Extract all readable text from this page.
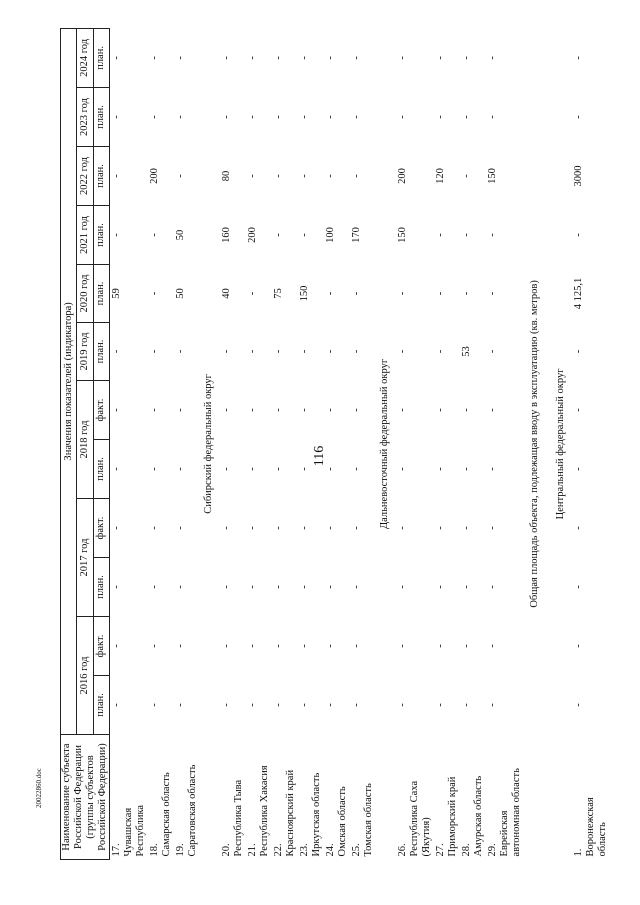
116
20022860.doc Наименование субъекта Российской Федерации (группы субъектов Российской Федерации)	Значения показателей (индикатора)											
	2016 год		2017 год		2018 год		2019 год	2020 год	2021 год	2022 год	2023 год	2024 год
	план.	факт.	план.	факт.	план.	факт.	план.	план.	план.	план.	план.	план.
17.Чувашская Республика	-	-	-	-	-	-	-	59	-	-	-	-
18.Самарская область	-	-	-	-	-	-	-	-	-	200	-	-
19.Саратовская область	-	-	-	-	-	-	-	50	50	-	-	-
Сибирский федеральный округ												
20.Республика Тыва	-	-	-	-	-	-	-	40	160	80	-	-
21.Республика Хакасия	-	-	-	-	-	-	-	-	200	-	-	-
22.Красноярский край	-	-	-	-	-	-	-	75	-	-	-	-
23.Иркутская область	-	-	-	-	-	-	-	150	-	-	-	-
24.Омская область	-	-	-	-	-	-	-	-	100	-	-	-
25.Томская область	-	-	-	-	-	-	-	-	170	-	-	-
Дальневосточный федеральный округ												
26.Республика Саха (Якутия)	-	-	-	-	-	-	-	-	150	200	-	-
27.Приморский край	-	-	-	-	-	-	-	-	-	120	-	-
28.Амурская область	-	-	-	-	-	-	53	-	-	-	-	-
29.Еврейская автономная область	-	-	-	-	-	-	-	-	-	150	-	-
Общая площадь объекта, подлежащая вводу в эксплуатацию (кв. метров)												
Центральный федеральный округ												
1.Воронежская область	-	-	-	-	-	-	-	4 125,1	-	3000	-	-
